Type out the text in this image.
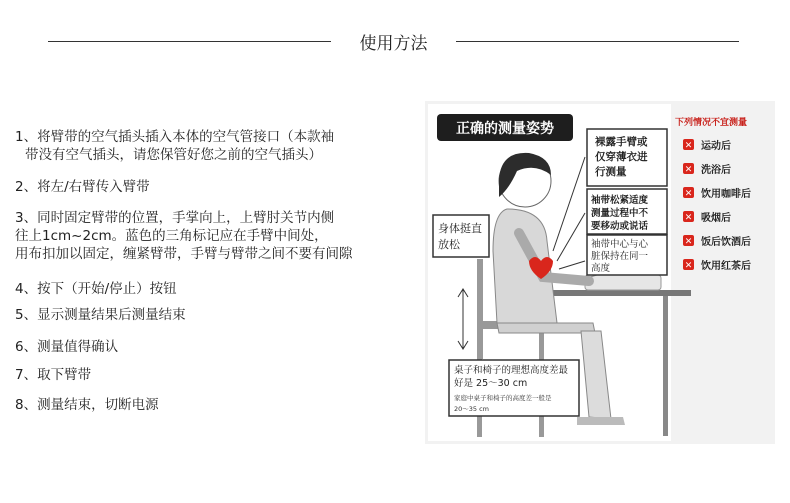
使用方法
1、将臂带的空气插头插入本体的空气管接口（本款袖
带没有空气插头，请您保管好您之前的空气插头）
2、将左/右臂传入臂带
3、同时固定臂带的位置，手掌向上，上臂肘关节内侧
往上1cm~2cm。蓝色的三角标记应在手臂中间处，
用布扣加以固定，缠紧臂带，手臂与臂带之间不要有间隙
4、按下（开始/停止）按钮
5、显示测量结果后测量结束
6、测量值得确认
7、取下臂带
8、测量结束，切断电源
正确的测量姿势
裸露手臂或
仅穿薄衣进
行测量
袖带松紧适度
测量过程中不
要移动或说话
袖带中心与心
脏保持在同一
高度
身体挺直
放松
桌子和椅子的理想高度差最
好是 25～30 cm
家庭中桌子和椅子的高度差一般是
20～35 cm
下列情况不宜测量
✕ 运动后
✕ 洗浴后
✕ 饮用咖啡后
✕ 吸烟后
✕ 饭后饮酒后
✕ 饮用红茶后
